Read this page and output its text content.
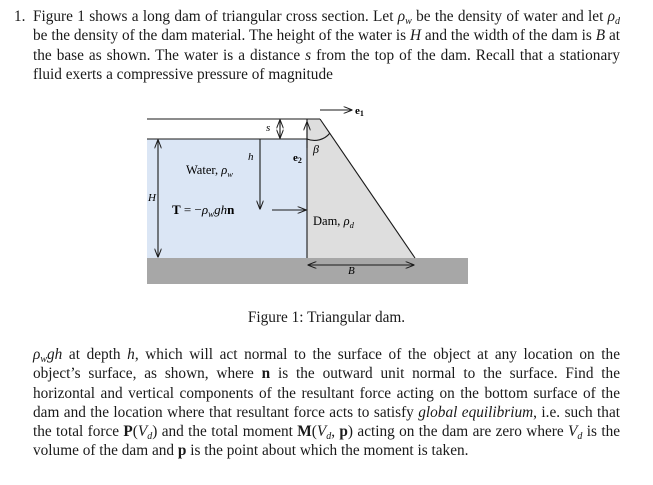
1. Figure 1 shows a long dam of triangular cross section. Let $\rho_w$ be the density of water and let $\rho_d$ be the density of the dam material. The height of the water is H and the width of the dam is B at the base as shown. The water is a distance s from the top of the dam. Recall that a stationary fluid exerts a compressive pressure of magnitude

e1
s
h
H
e2
β
Water, $\rho_w$
$T = -\rho_wghn$
Dam, $\rho_d$
B
Figure 1: Triangular dam.

$\rho_wgh$ at depth h, which will act normal to the surface of the object at any location on the object’s surface, as shown, where n is the outward unit normal to the surface. Find the horizontal and vertical components of the resultant force acting on the bottom surface of the dam and the location where that resultant force acts to satisfy global equilibrium, i.e. such that the total force $P(V_d)$ and the total moment $M(V_d$, p) acting on the dam are zero where $V_d$ is the volume of the dam and p is the point about which the moment is taken.
